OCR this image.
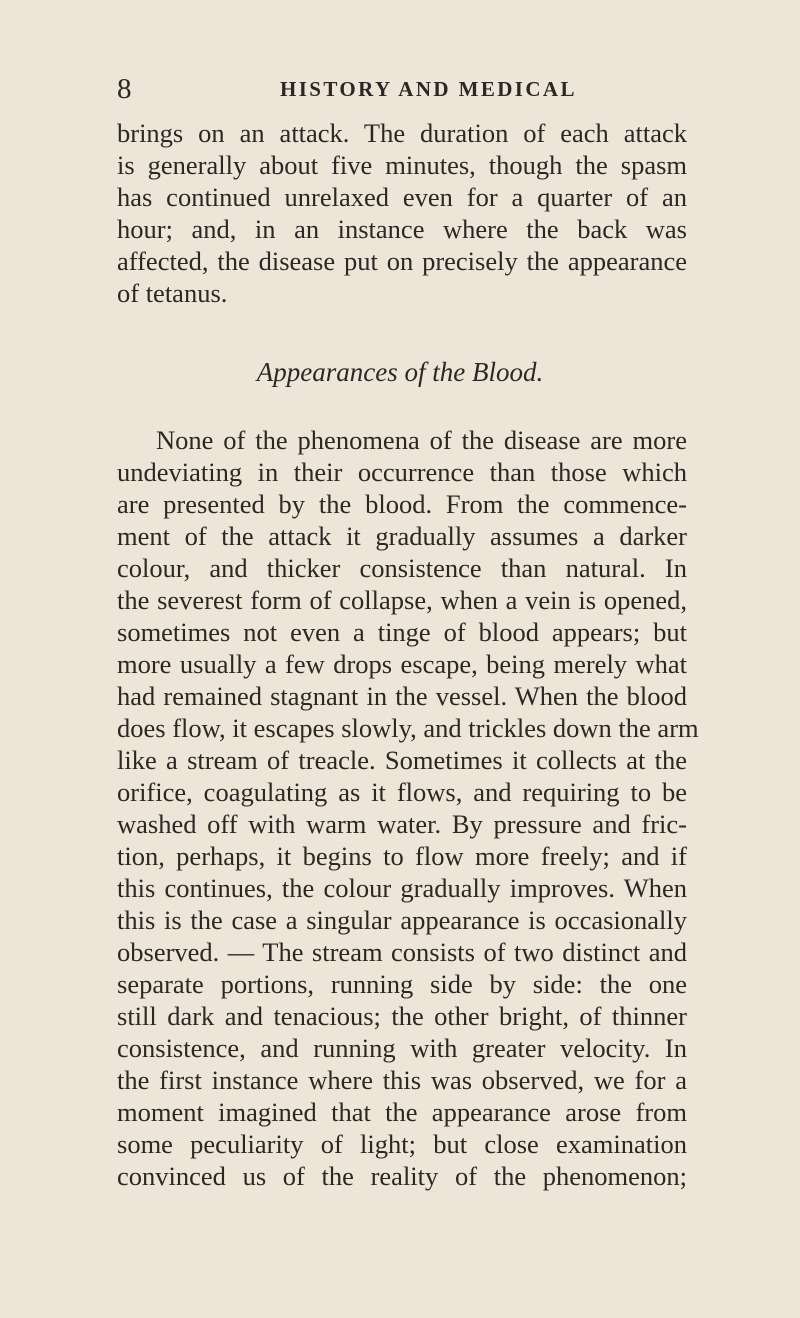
8	HISTORY AND MEDICAL
brings on an attack. The duration of each attack
is generally about five minutes, though the spasm
has continued unrelaxed even for a quarter of an
hour; and, in an instance where the back was
affected, the disease put on precisely the appearance
of tetanus.
Appearances of the Blood.
None of the phenomena of the disease are more
undeviating in their occurrence than those which
are presented by the blood. From the commence-
ment of the attack it gradually assumes a darker
colour, and thicker consistence than natural. In
the severest form of collapse, when a vein is opened,
sometimes not even a tinge of blood appears; but
more usually a few drops escape, being merely what
had remained stagnant in the vessel. When the blood
does flow, it escapes slowly, and trickles down the arm
like a stream of treacle. Sometimes it collects at the
orifice, coagulating as it flows, and requiring to be
washed off with warm water. By pressure and fric-
tion, perhaps, it begins to flow more freely; and if
this continues, the colour gradually improves. When
this is the case a singular appearance is occasionally
observed. — The stream consists of two distinct and
separate portions, running side by side: the one
still dark and tenacious; the other bright, of thinner
consistence, and running with greater velocity. In
the first instance where this was observed, we for a
moment imagined that the appearance arose from
some peculiarity of light; but close examination
convinced us of the reality of the phenomenon;
